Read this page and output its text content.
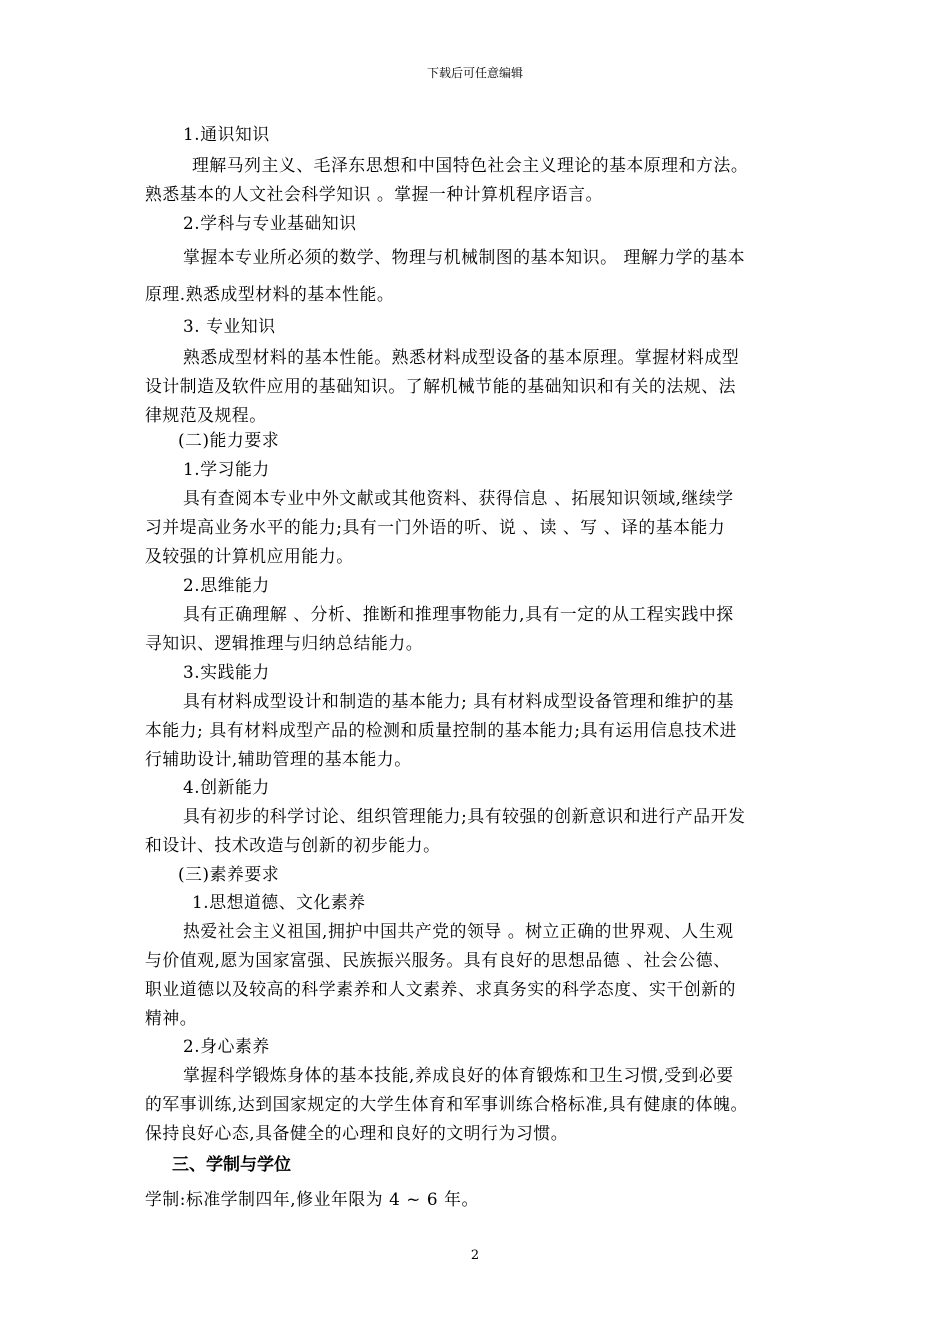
下载后可任意编辑
1.通识知识
理解马列主义、毛泽东思想和中国特色社会主义理论的基本原理和方法。
熟悉基本的人文社会科学知识 。掌握一种计算机程序语言。
2.学科与专业基础知识
掌握本专业所必须的数学、物理与机械制图的基本知识。 理解力学的基本
原理.熟悉成型材料的基本性能。
3. 专业知识
熟悉成型材料的基本性能。熟悉材料成型设备的基本原理。掌握材料成型
设计制造及软件应用的基础知识。了解机械节能的基础知识和有关的法规、法
律规范及规程。
(二)能力要求
1.学习能力
具有查阅本专业中外文献或其他资料、获得信息 、拓展知识领域,继续学
习并堤高业务水平的能力;具有一门外语的听、说 、读 、写 、译的基本能力
及较强的计算机应用能力。
2.思维能力
具有正确理解 、分析、推断和推理事物能力,具有一定的从工程实践中探
寻知识、逻辑推理与归纳总结能力。
3.实践能力
具有材料成型设计和制造的基本能力; 具有材料成型设备管理和维护的基
本能力; 具有材料成型产品的检测和质量控制的基本能力;具有运用信息技术进
行辅助设计,辅助管理的基本能力。
4.创新能力
具有初步的科学讨论、组织管理能力;具有较强的创新意识和进行产品开发
和设计、技术改造与创新的初步能力。
(三)素养要求
1.思想道德、文化素养
热爱社会主义祖国,拥护中国共产党的领导 。树立正确的世界观、人生观
与价值观,愿为国家富强、民族振兴服务。具有良好的思想品德 、社会公德、
职业道德以及较高的科学素养和人文素养、求真务实的科学态度、实干创新的
精神。
2.身心素养
掌握科学锻炼身体的基本技能,养成良好的体育锻炼和卫生习惯,受到必要
的军事训练,达到国家规定的大学生体育和军事训练合格标准,具有健康的体魄。
保持良好心态,具备健全的心理和良好的文明行为习惯。
三、学制与学位
学制:标准学制四年,修业年限为 4 ~ 6 年。
2
